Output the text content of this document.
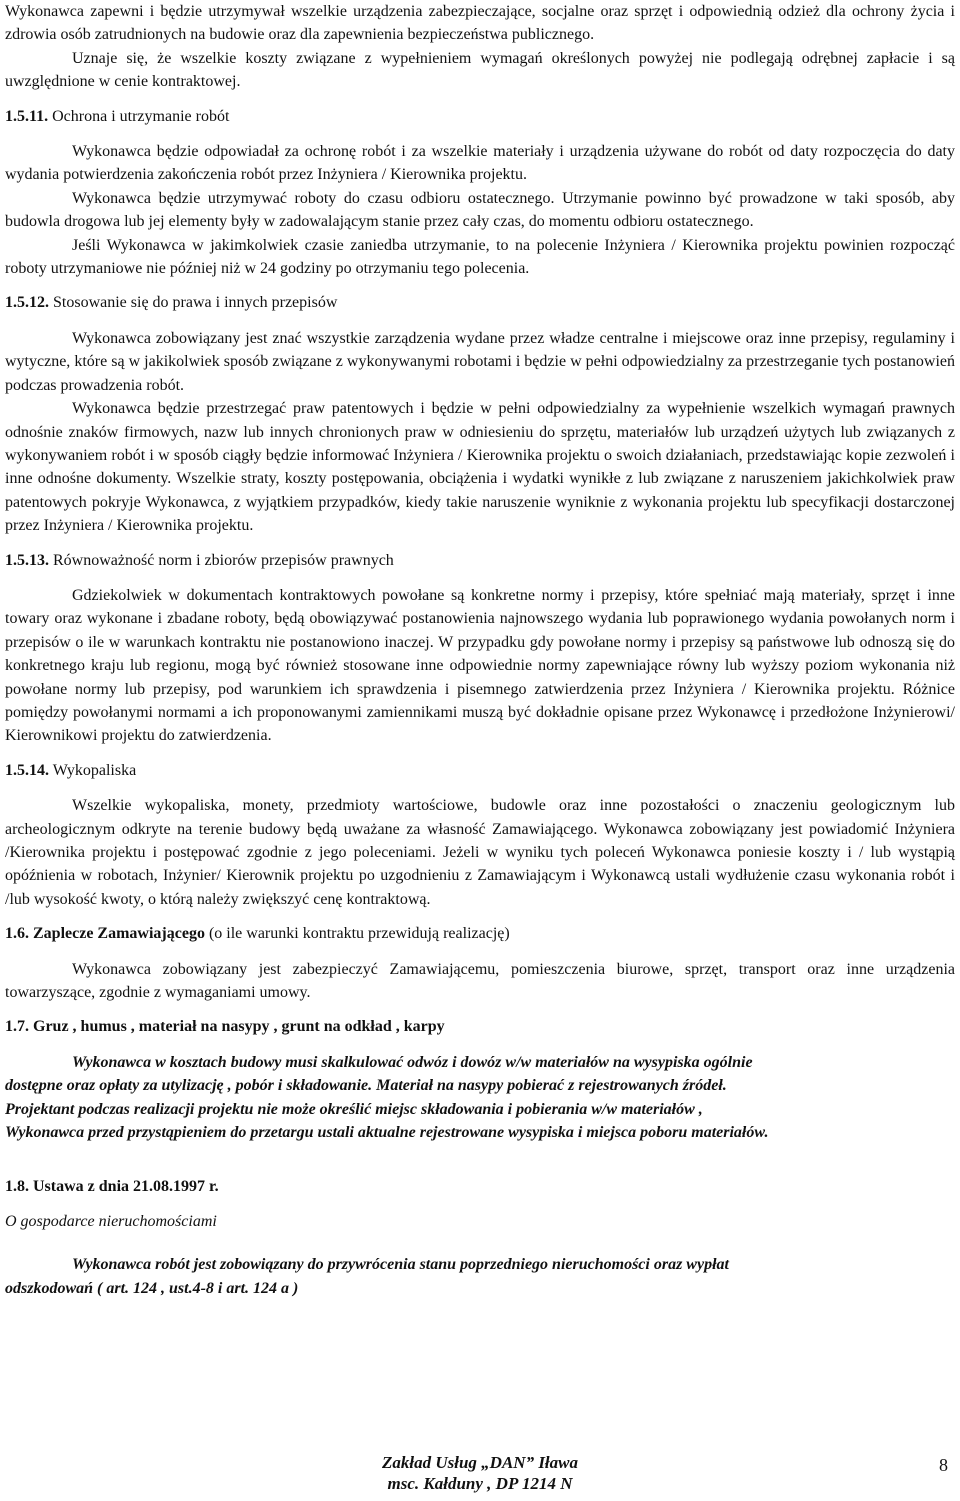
Wykonawca zapewni i będzie utrzymywał wszelkie urządzenia zabezpieczające, socjalne oraz sprzęt i odpowiednią odzież dla ochrony życia i zdrowia osób zatrudnionych na budowie oraz dla zapewnienia bezpieczeństwa publicznego.

Uznaje się, że wszelkie koszty związane z wypełnieniem wymagań określonych powyżej nie podlegają odrębnej zapłacie i są uwzględnione w cenie kontraktowej.

1.5.11. Ochrona i utrzymanie robót

Wykonawca będzie odpowiadał za ochronę robót i za wszelkie materiały i urządzenia używane do robót od daty rozpoczęcia do daty wydania potwierdzenia zakończenia robót przez Inżyniera / Kierownika projektu.

Wykonawca będzie utrzymywać roboty do czasu odbioru ostatecznego. Utrzymanie powinno być prowadzone w taki sposób, aby budowla drogowa lub jej elementy były w zadowalającym stanie przez cały czas, do momentu odbioru ostatecznego.

Jeśli Wykonawca w jakimkolwiek czasie zaniedba utrzymanie, to na polecenie Inżyniera / Kierownika projektu powinien rozpocząć roboty utrzymaniowe nie później niż w 24 godziny po otrzymaniu tego polecenia.

1.5.12. Stosowanie się do prawa i innych przepisów

Wykonawca zobowiązany jest znać wszystkie zarządzenia wydane przez władze centralne i miejscowe oraz inne przepisy, regulaminy i wytyczne, które są w jakikolwiek sposób związane z wykonywanymi robotami i będzie w pełni odpowiedzialny za przestrzeganie tych postanowień podczas prowadzenia robót.

Wykonawca będzie przestrzegać praw patentowych i będzie w pełni odpowiedzialny za wypełnienie wszelkich wymagań prawnych odnośnie znaków firmowych, nazw lub innych chronionych praw w odniesieniu do sprzętu, materiałów lub urządzeń użytych lub związanych z wykonywaniem robót i w sposób ciągły będzie informować Inżyniera / Kierownika projektu o swoich działaniach, przedstawiając kopie zezwoleń i inne odnośne dokumenty. Wszelkie straty, koszty postępowania, obciążenia i wydatki wynikłe z lub związane z naruszeniem jakichkolwiek praw patentowych pokryje Wykonawca, z wyjątkiem przypadków, kiedy takie naruszenie wyniknie z wykonania projektu lub specyfikacji dostarczonej przez Inżyniera / Kierownika projektu.

1.5.13. Równoważność norm i zbiorów przepisów prawnych

Gdziekolwiek w dokumentach kontraktowych powołane są konkretne normy i przepisy, które spełniać mają materiały, sprzęt i inne towary oraz wykonane i zbadane roboty, będą obowiązywać postanowienia najnowszego wydania lub poprawionego wydania powołanych norm i przepisów o ile w warunkach kontraktu nie postanowiono inaczej. W przypadku gdy powołane normy i przepisy są państwowe lub odnoszą się do konkretnego kraju lub regionu, mogą być również stosowane inne odpowiednie normy zapewniające równy lub wyższy poziom wykonania niż powołane normy lub przepisy, pod warunkiem ich sprawdzenia i pisemnego zatwierdzenia przez Inżyniera / Kierownika projektu. Różnice pomiędzy powołanymi normami a ich proponowanymi zamiennikami muszą być dokładnie opisane przez Wykonawcę i przedłożone Inżynierowi/ Kierownikowi projektu do zatwierdzenia.

1.5.14. Wykopaliska

Wszelkie wykopaliska, monety, przedmioty wartościowe, budowle oraz inne pozostałości o znaczeniu geologicznym lub archeologicznym odkryte na terenie budowy będą uważane za własność Zamawiającego. Wykonawca zobowiązany jest powiadomić Inżyniera /Kierownika projektu i postępować zgodnie z jego poleceniami. Jeżeli w wyniku tych poleceń Wykonawca poniesie koszty i / lub wystąpią opóźnienia w robotach, Inżynier/ Kierownik projektu po uzgodnieniu z Zamawiającym i Wykonawcą ustali wydłużenie czasu wykonania robót i /lub wysokość kwoty, o którą należy zwiększyć cenę kontraktową.

1.6. Zaplecze Zamawiającego (o ile warunki kontraktu przewidują realizację)

Wykonawca zobowiązany jest zabezpieczyć Zamawiającemu, pomieszczenia biurowe, sprzęt, transport oraz inne urządzenia towarzyszące, zgodnie z wymaganiami umowy.

1.7. Gruz , humus , materiał na nasypy , grunt na odkład , karpy

Wykonawca w kosztach budowy musi skalkulować odwóz i dowóz w/w materiałów na wysypiska ogólnie

dostępne oraz opłaty za utylizację , pobór i składowanie. Materiał na nasypy pobierać z rejestrowanych źródeł.

Projektant podczas realizacji projektu nie może określić miejsc składowania i pobierania w/w materiałów ,

Wykonawca przed przystąpieniem do przetargu ustali aktualne rejestrowane wysypiska i miejsca poboru materiałów.

1.8. Ustawa z dnia 21.08.1997 r.

O gospodarce nieruchomościami

Wykonawca robót jest zobowiązany do przywrócenia stanu poprzedniego nieruchomości oraz wypłat

odszkodowań ( art. 124 , ust.4-8 i art. 124 a )

Zakład Usług „DAN” Iława
msc. Kałduny , DP 1214 N
8
